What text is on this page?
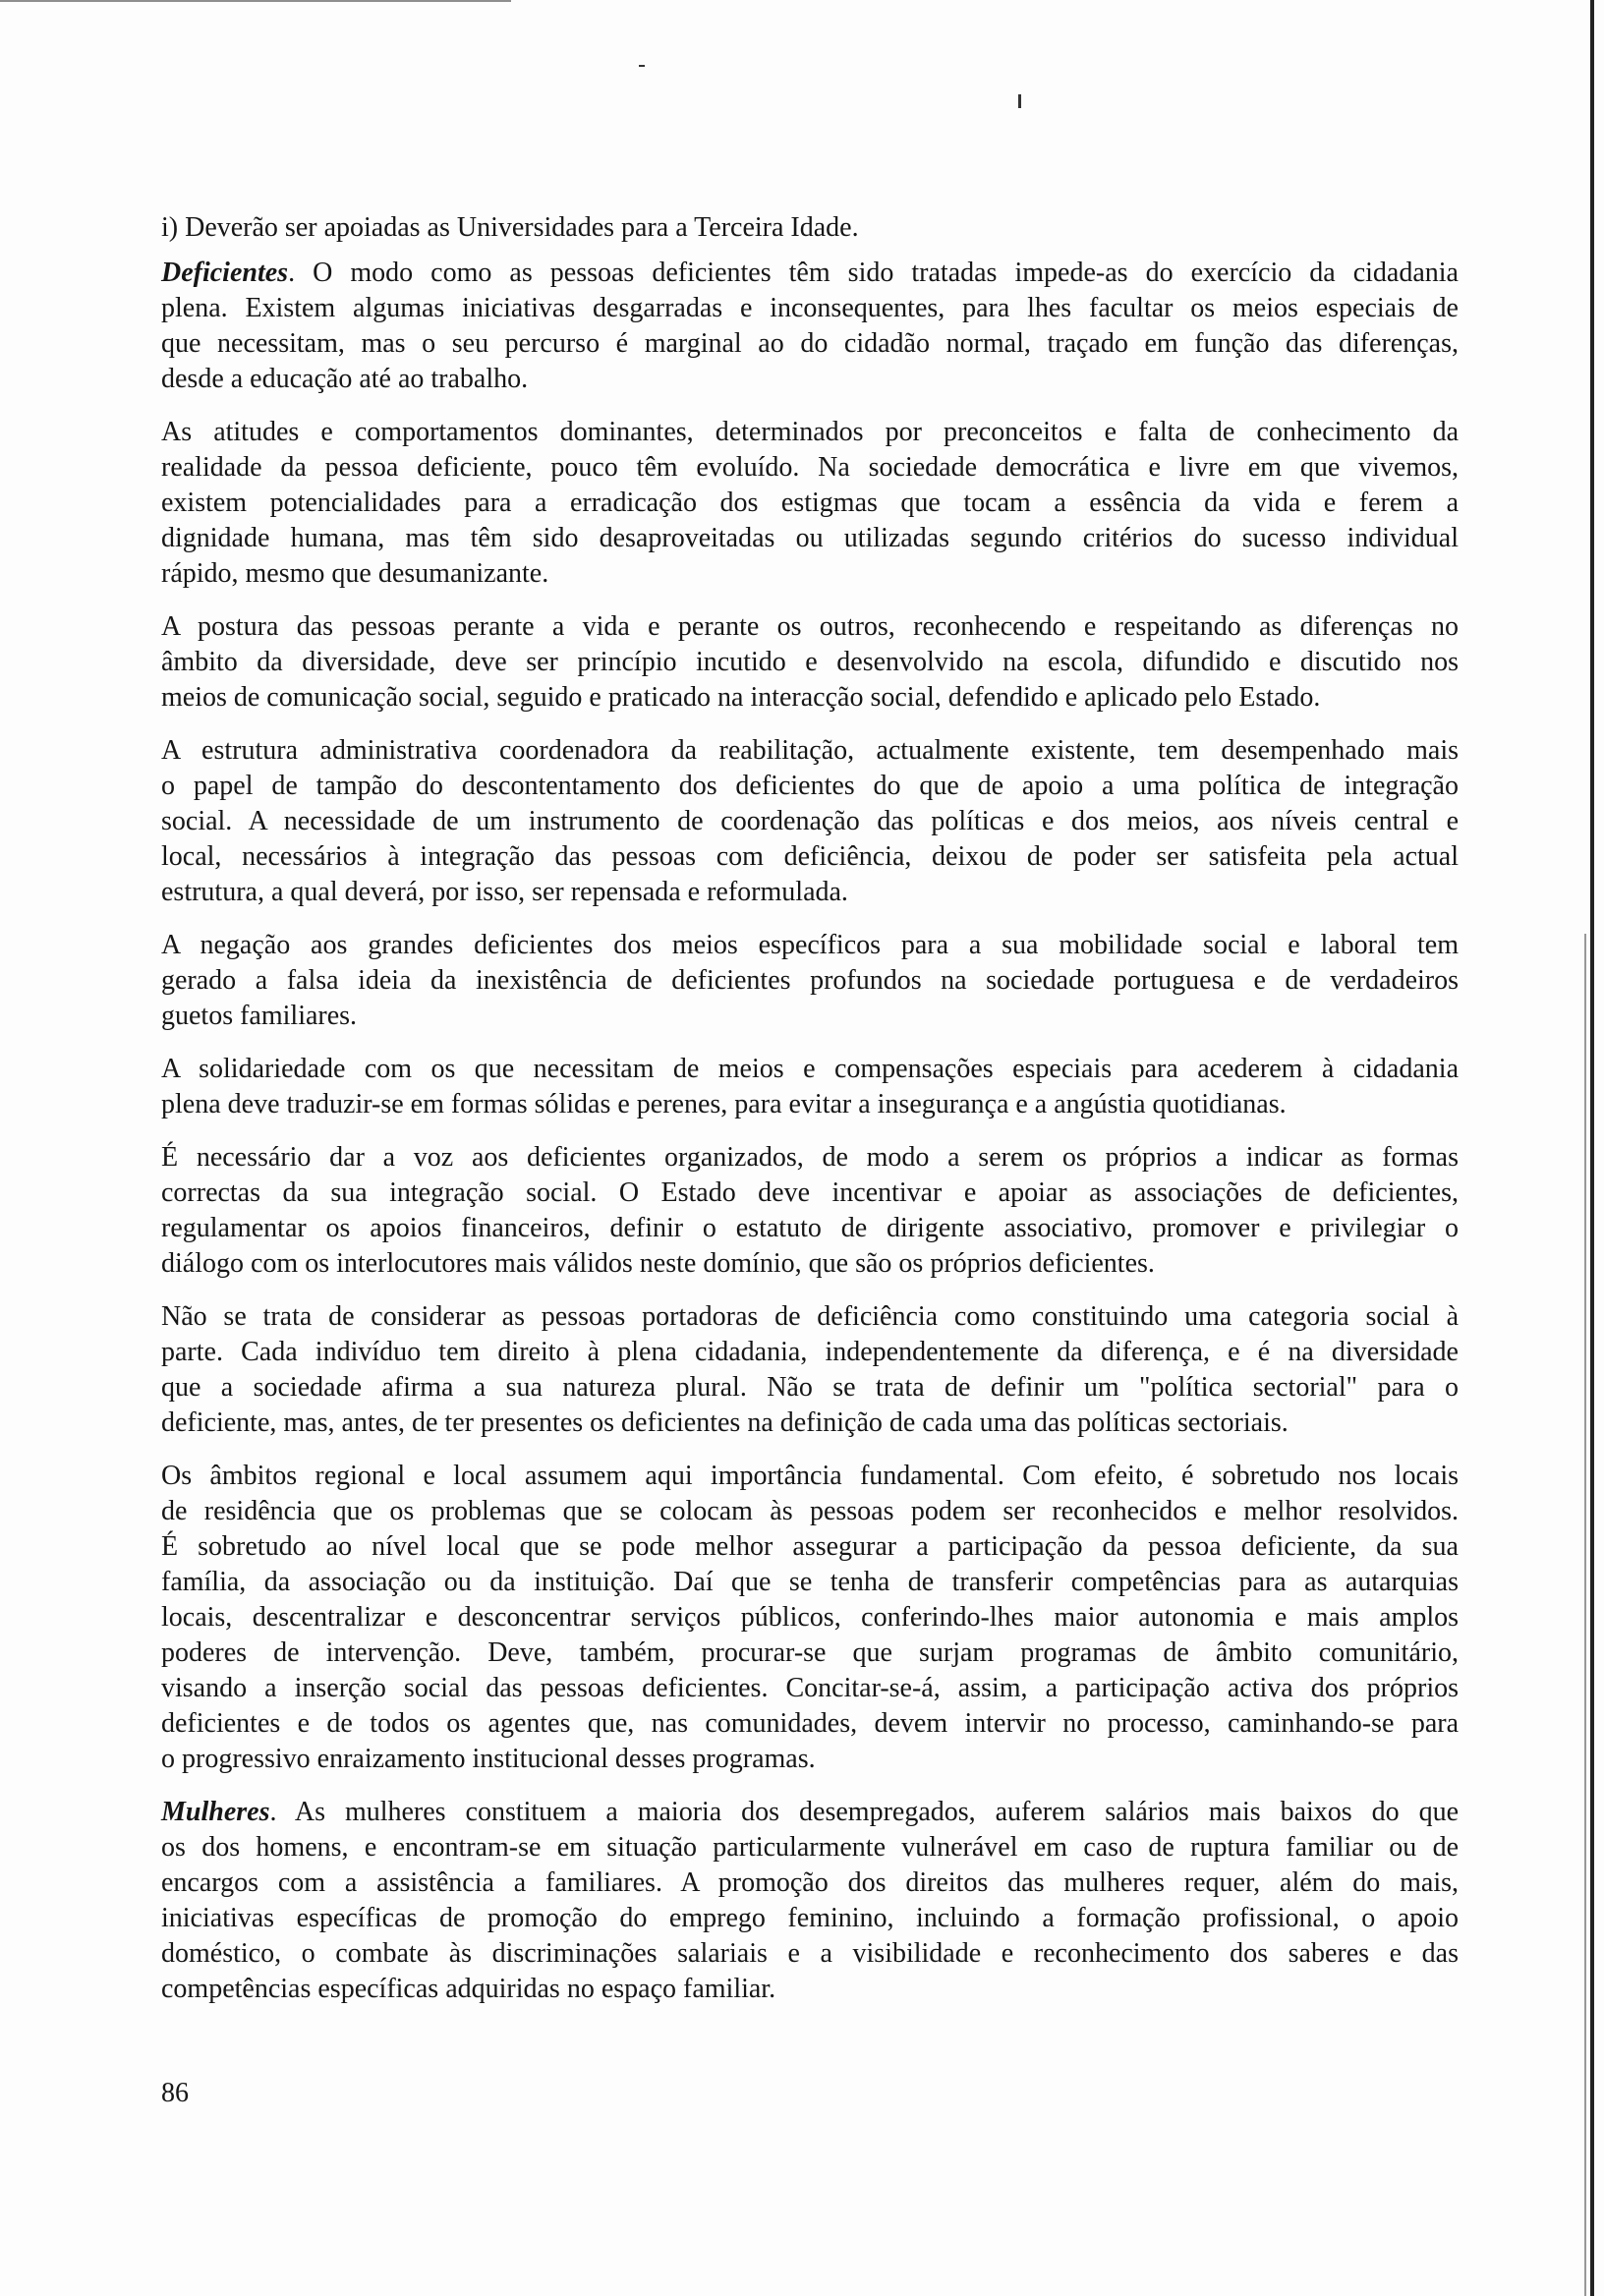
i) Deverão ser apoiadas as Universidades para a Terceira Idade.
Deficientes. O modo como as pessoas deficientes têm sido tratadas impede-as do exercício da cidadania
plena. Existem algumas iniciativas desgarradas e inconsequentes, para lhes facultar os meios especiais de
que necessitam, mas o seu percurso é marginal ao do cidadão normal, traçado em função das diferenças,
desde a educação até ao trabalho.
As atitudes e comportamentos dominantes, determinados por preconceitos e falta de conhecimento da
realidade da pessoa deficiente, pouco têm evoluído. Na sociedade democrática e livre em que vivemos,
existem potencialidades para a erradicação dos estigmas que tocam a essência da vida e ferem a
dignidade humana, mas têm sido desaproveitadas ou utilizadas segundo critérios do sucesso individual
rápido, mesmo que desumanizante.
A postura das pessoas perante a vida e perante os outros, reconhecendo e respeitando as diferenças no
âmbito da diversidade, deve ser princípio incutido e desenvolvido na escola, difundido e discutido nos
meios de comunicação social, seguido e praticado na interacção social, defendido e aplicado pelo Estado.
A estrutura administrativa coordenadora da reabilitação, actualmente existente, tem desempenhado mais
o papel de tampão do descontentamento dos deficientes do que de apoio a uma política de integração
social. A necessidade de um instrumento de coordenação das políticas e dos meios, aos níveis central e
local, necessários à integração das pessoas com deficiência, deixou de poder ser satisfeita pela actual
estrutura, a qual deverá, por isso, ser repensada e reformulada.
A negação aos grandes deficientes dos meios específicos para a sua mobilidade social e laboral tem
gerado a falsa ideia da inexistência de deficientes profundos na sociedade portuguesa e de verdadeiros
guetos familiares.
A solidariedade com os que necessitam de meios e compensações especiais para acederem à cidadania
plena deve traduzir-se em formas sólidas e perenes, para evitar a insegurança e a angústia quotidianas.
É necessário dar a voz aos deficientes organizados, de modo a serem os próprios a indicar as formas
correctas da sua integração social. O Estado deve incentivar e apoiar as associações de deficientes,
regulamentar os apoios financeiros, definir o estatuto de dirigente associativo, promover e privilegiar o
diálogo com os interlocutores mais válidos neste domínio, que são os próprios deficientes.
Não se trata de considerar as pessoas portadoras de deficiência como constituindo uma categoria social à
parte. Cada indivíduo tem direito à plena cidadania, independentemente da diferença, e é na diversidade
que a sociedade afirma a sua natureza plural. Não se trata de definir um "política sectorial" para o
deficiente, mas, antes, de ter presentes os deficientes na definição de cada uma das políticas sectoriais.
Os âmbitos regional e local assumem aqui importância fundamental. Com efeito, é sobretudo nos locais
de residência que os problemas que se colocam às pessoas podem ser reconhecidos e melhor resolvidos.
É sobretudo ao nível local que se pode melhor assegurar a participação da pessoa deficiente, da sua
família, da associação ou da instituição. Daí que se tenha de transferir competências para as autarquias
locais, descentralizar e desconcentrar serviços públicos, conferindo-lhes maior autonomia e mais amplos
poderes de intervenção. Deve, também, procurar-se que surjam programas de âmbito comunitário,
visando a inserção social das pessoas deficientes. Concitar-se-á, assim, a participação activa dos próprios
deficientes e de todos os agentes que, nas comunidades, devem intervir no processo, caminhando-se para
o progressivo enraizamento institucional desses programas.
Mulheres. As mulheres constituem a maioria dos desempregados, auferem salários mais baixos do que
os dos homens, e encontram-se em situação particularmente vulnerável em caso de ruptura familiar ou de
encargos com a assistência a familiares. A promoção dos direitos das mulheres requer, além do mais,
iniciativas específicas de promoção do emprego feminino, incluindo a formação profissional, o apoio
doméstico, o combate às discriminações salariais e a visibilidade e reconhecimento dos saberes e das
competências específicas adquiridas no espaço familiar.
86
